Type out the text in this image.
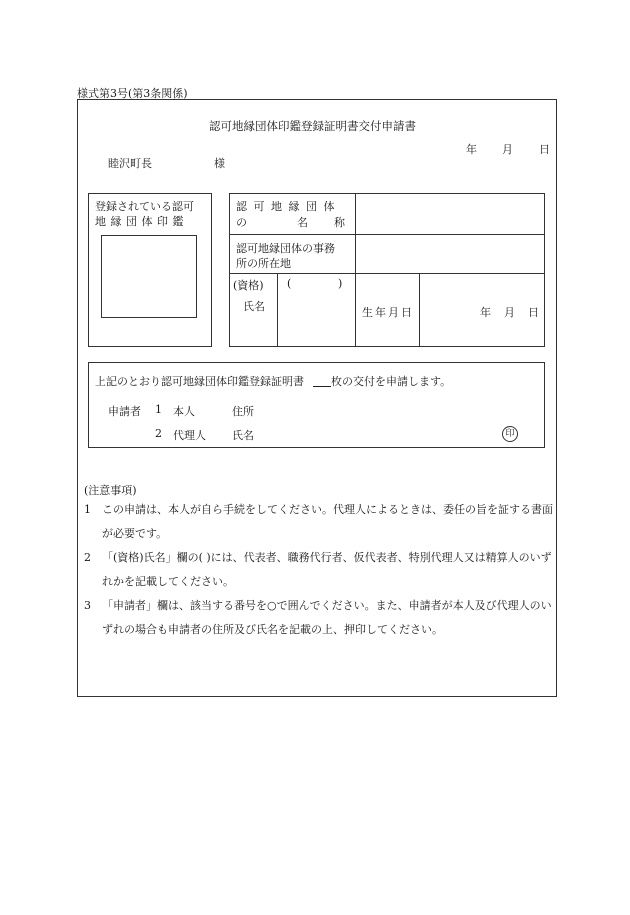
様式第3号(第3条関係)
認可地縁団体印鑑登録証明書交付申請書
年 月 日
睦沢町長	様
登録されている認可
地縁団体印鑑
認可地縁団体
の	名称
認可地縁団体の事務
所の所在地
(資格)
氏名
(	)
生年月日	年 月 日
上記のとおり認可地縁団体印鑑登録証明書 枚の交付を申請します。
申請者 1 本人	住所
2 代理人 氏名	印
(注意事項)
1 この申請は、本人が自ら手続をしてください。代理人によるときは、委任の旨を証する書面が必要です。
2 「(資格)氏名」欄の( )には、代表者、職務代行者、仮代表者、特別代理人又は精算人のいずれかを記載してください。
3 「申請者」欄は、該当する番号を○で囲んでください。また、申請者が本人及び代理人のいずれの場合も申請者の住所及び氏名を記載の上、押印してください。
